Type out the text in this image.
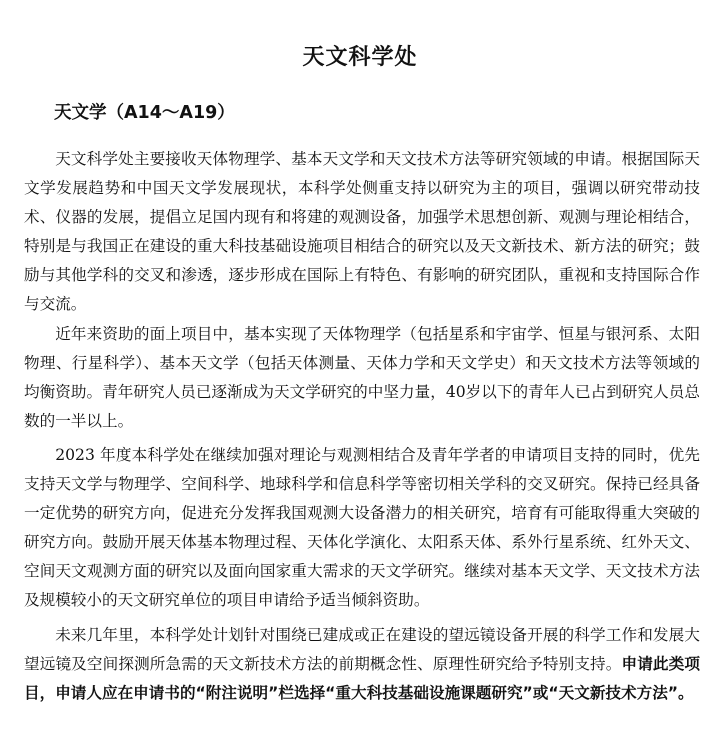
天文科学处
天文学（A14～A19）

天文科学处主要接收天体物理学、基本天文学和天文技术方法等研究领域的申请。根据国际天文学发展趋势和中国天文学发展现状，本科学处侧重支持以研究为主的项目，强调以研究带动技术、仪器的发展，提倡立足国内现有和将建的观测设备，加强学术思想创新、观测与理论相结合，特别是与我国正在建设的重大科技基础设施项目相结合的研究以及天文新技术、新方法的研究；鼓励与其他学科的交叉和渗透，逐步形成在国际上有特色、有影响的研究团队，重视和支持国际合作与交流。

近年来资助的面上项目中，基本实现了天体物理学（包括星系和宇宙学、恒星与银河系、太阳物理、行星科学）、基本天文学（包括天体测量、天体力学和天文学史）和天文技术方法等领域的均衡资助。青年研究人员已逐渐成为天文学研究的中坚力量，40岁以下的青年人已占到研究人员总数的一半以上。

2023 年度本科学处在继续加强对理论与观测相结合及青年学者的申请项目支持的同时，优先支持天文学与物理学、空间科学、地球科学和信息科学等密切相关学科的交叉研究。保持已经具备一定优势的研究方向，促进充分发挥我国观测大设备潜力的相关研究，培育有可能取得重大突破的研究方向。鼓励开展天体基本物理过程、天体化学演化、太阳系天体、系外行星系统、红外天文、空间天文观测方面的研究以及面向国家重大需求的天文学研究。继续对基本天文学、天文技术方法及规模较小的天文研究单位的项目申请给予适当倾斜资助。

未来几年里，本科学处计划针对围绕已建成或正在建设的望远镜设备开展的科学工作和发展大望远镜及空间探测所急需的天文新技术方法的前期概念性、原理性研究给予特别支持。申请此类项目，申请人应在申请书的“附注说明”栏选择“重大科技基础设施课题研究”或“天文新技术方法”。
